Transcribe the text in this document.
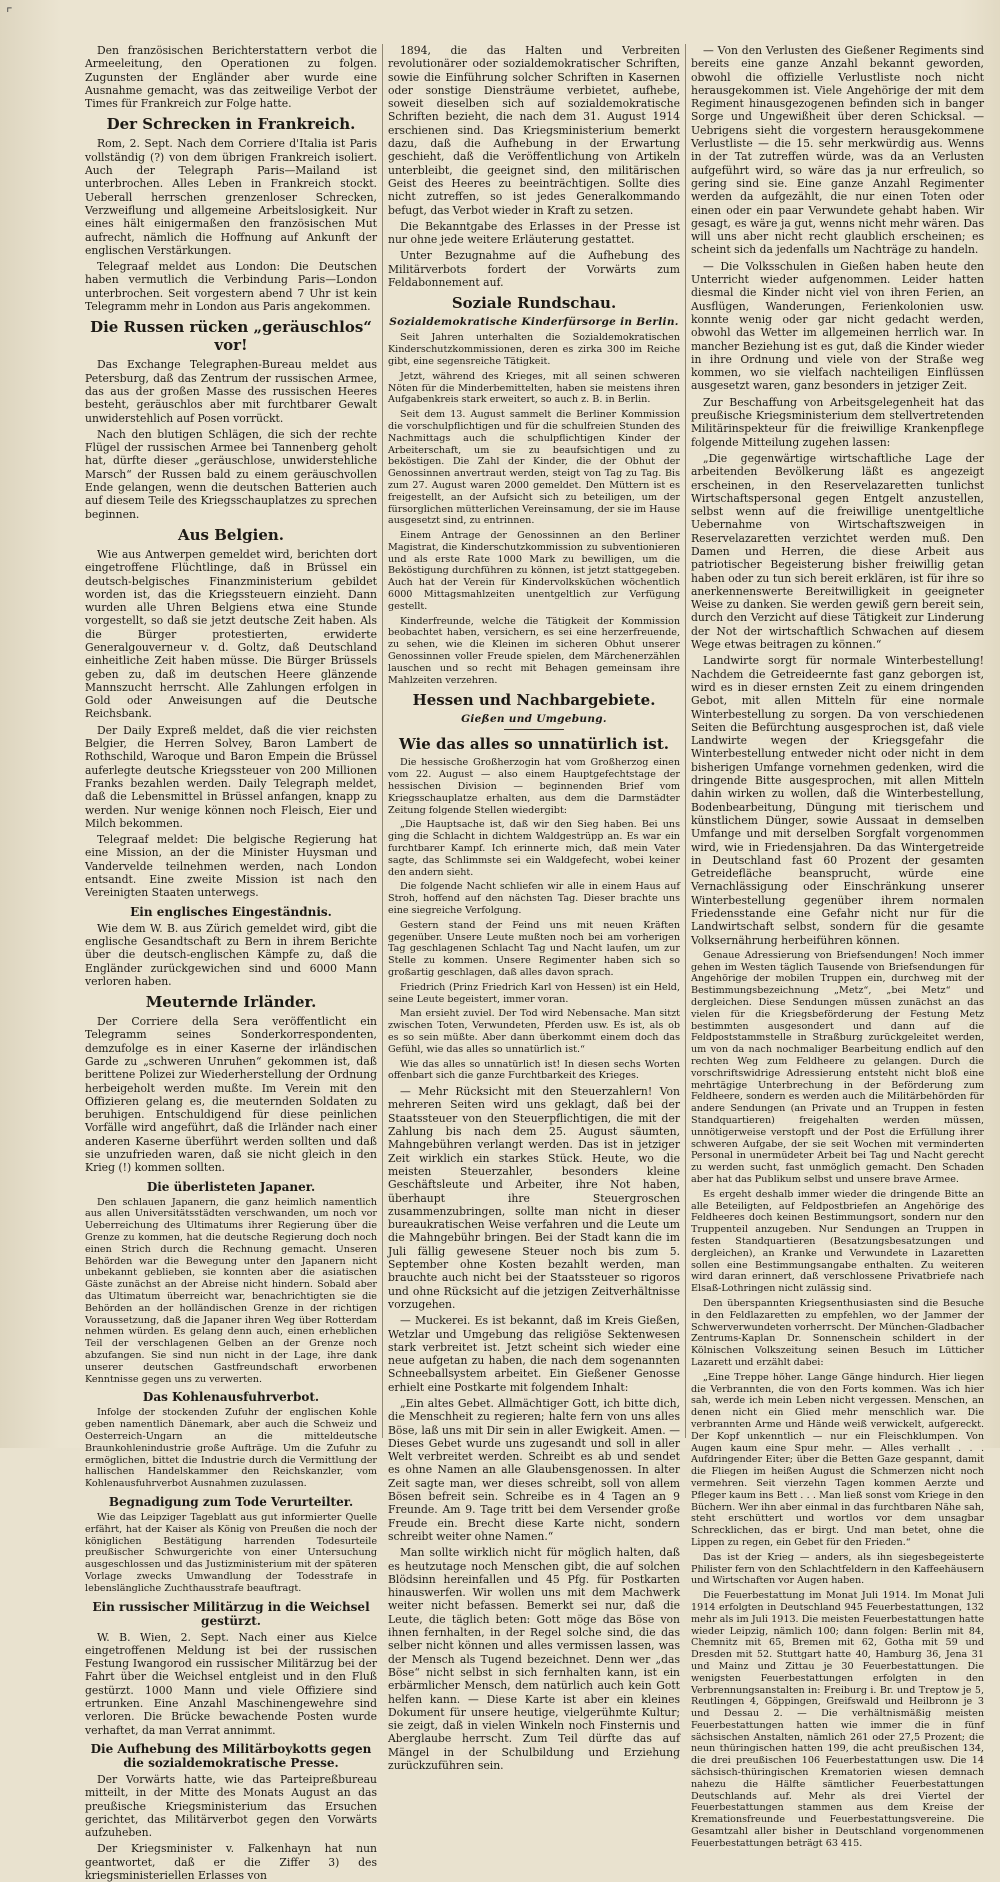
⌜

Den französischen Berichterstattern verbot die Armeeleitung, den Operationen zu folgen. Zugunsten der Engländer aber wurde eine Ausnahme gemacht, was das zeitweilige Verbot der Times für Frankreich zur Folge hatte.

Der Schrecken in Frankreich.

Rom, 2. Sept. Nach dem Corriere d'Italia ist Paris vollständig (?) von dem übrigen Frankreich isoliert. Auch der Telegraph Paris—Mailand ist unterbrochen. Alles Leben in Frankreich stockt. Ueberall herrschen grenzenloser Schrecken, Verzweiflung und allgemeine Arbeitslosigkeit. Nur eines hält einigermaßen den französischen Mut aufrecht, nämlich die Hoffnung auf Ankunft der englischen Verstärkungen.

Telegraaf meldet aus London: Die Deutschen haben vermutlich die Verbindung Paris—London unterbrochen. Seit vorgestern abend 7 Uhr ist kein Telegramm mehr in London aus Paris angekommen.

Die Russen rücken „geräuschlos“ vor!

Das Exchange Telegraphen-Bureau meldet aus Petersburg, daß das Zentrum der russischen Armee, das aus der großen Masse des russischen Heeres besteht, geräuschlos aber mit furchtbarer Gewalt unwiderstehlich auf Posen vorrückt.

Nach den blutigen Schlägen, die sich der rechte Flügel der russischen Armee bei Tannenberg geholt hat, dürfte dieser „geräuschlose, unwiderstehliche Marsch“ der Russen bald zu einem geräuschvollen Ende gelangen, wenn die deutschen Batterien auch auf diesem Teile des Kriegsschauplatzes zu sprechen beginnen.

Aus Belgien.

Wie aus Antwerpen gemeldet wird, berichten dort eingetroffene Flüchtlinge, daß in Brüssel ein deutsch-belgisches Finanzministerium gebildet worden ist, das die Kriegssteuern einzieht. Dann wurden alle Uhren Belgiens etwa eine Stunde vorgestellt, so daß sie jetzt deutsche Zeit haben. Als die Bürger protestierten, erwiderte Generalgouverneur v. d. Goltz, daß Deutschland einheitliche Zeit haben müsse. Die Bürger Brüssels geben zu, daß im deutschen Heere glänzende Mannszucht herrscht. Alle Zahlungen erfolgen in Gold oder Anweisungen auf die Deutsche Reichsbank.

Der Daily Expreß meldet, daß die vier reichsten Belgier, die Herren Solvey, Baron Lambert de Rothschild, Waroque und Baron Empein die Brüssel auferlegte deutsche Kriegssteuer von 200 Millionen Franks bezahlen werden. Daily Telegraph meldet, daß die Lebensmittel in Brüssel anfangen, knapp zu werden. Nur wenige können noch Fleisch, Eier und Milch bekommen.

Telegraaf meldet: Die belgische Regierung hat eine Mission, an der die Minister Huysman und Vandervelde teilnehmen werden, nach London entsandt. Eine zweite Mission ist nach den Vereinigten Staaten unterwegs.

Ein englisches Eingeständnis.

Wie dem W. B. aus Zürich gemeldet wird, gibt die englische Gesandtschaft zu Bern in ihrem Berichte über die deutsch-englischen Kämpfe zu, daß die Engländer zurückgewichen sind und 6000 Mann verloren haben.

Meuternde Irländer.

Der Corriere della Sera veröffentlicht ein Telegramm seines Sonderkorrespondenten, demzufolge es in einer Kaserne der irländischen Garde zu „schweren Unruhen“ gekommen ist, daß berittene Polizei zur Wiederherstellung der Ordnung herbeigeholt werden mußte. Im Verein mit den Offizieren gelang es, die meuternden Soldaten zu beruhigen. Entschuldigend für diese peinlichen Vorfälle wird angeführt, daß die Irländer nach einer anderen Kaserne überführt werden sollten und daß sie unzufrieden waren, daß sie nicht gleich in den Krieg (!) kommen sollten.

Die überlisteten Japaner.

Den schlauen Japanern, die ganz heimlich namentlich aus allen Universitätsstädten verschwanden, um noch vor Ueberreichung des Ultimatums ihrer Regierung über die Grenze zu kommen, hat die deutsche Regierung doch noch einen Strich durch die Rechnung gemacht. Unseren Behörden war die Bewegung unter den Japanern nicht unbekannt geblieben, sie konnten aber die asiatischen Gäste zunächst an der Abreise nicht hindern. Sobald aber das Ultimatum überreicht war, benachrichtigten sie die Behörden an der holländischen Grenze in der richtigen Voraussetzung, daß die Japaner ihren Weg über Rotterdam nehmen würden. Es gelang denn auch, einen erheblichen Teil der verschlagenen Gelben an der Grenze noch abzufangen. Sie sind nun nicht in der Lage, ihre dank unserer deutschen Gastfreundschaft erworbenen Kenntnisse gegen uns zu verwerten.

Das Kohlenausfuhrverbot.

Infolge der stockenden Zufuhr der englischen Kohle geben namentlich Dänemark, aber auch die Schweiz und Oesterreich-Ungarn an die mitteldeutsche Braunkohlenindustrie große Aufträge. Um die Zufuhr zu ermöglichen, bittet die Industrie durch die Vermittlung der hallischen Handelskammer den Reichskanzler, vom Kohlenausfuhrverbot Ausnahmen zuzulassen.

Begnadigung zum Tode Verurteilter.

Wie das Leipziger Tageblatt aus gut informierter Quelle erfährt, hat der Kaiser als König von Preußen die noch der königlichen Bestätigung harrenden Todesurteile preußischer Schwurgerichte von einer Untersuchung ausgeschlossen und das Justizministerium mit der späteren Vorlage zwecks Umwandlung der Todesstrafe in lebenslängliche Zuchthausstrafe beauftragt.

Ein russischer Militärzug in die Weichsel gestürzt.

W. B. Wien, 2. Sept. Nach einer aus Kielce eingetroffenen Meldung ist bei der russischen Festung Iwangorod ein russischer Militärzug bei der Fahrt über die Weichsel entgleist und in den Fluß gestürzt. 1000 Mann und viele Offiziere sind ertrunken. Eine Anzahl Maschinengewehre sind verloren. Die Brücke bewachende Posten wurde verhaftet, da man Verrat annimmt.

Die Aufhebung des Militärboykotts gegen die sozialdemokratische Presse.

Der Vorwärts hatte, wie das Parteipreßbureau mitteilt, in der Mitte des Monats August an das preußische Kriegsministerium das Ersuchen gerichtet, das Militärverbot gegen den Vorwärts aufzuheben.

Der Kriegsminister v. Falkenhayn hat nun geantwortet, daß er die Ziffer 3) des kriegsministeriellen Erlasses von

1894, die das Halten und Verbreiten revolutionärer oder sozialdemokratischer Schriften, sowie die Einführung solcher Schriften in Kasernen oder sonstige Diensträume verbietet, aufhebe, soweit dieselben sich auf sozialdemokratische Schriften bezieht, die nach dem 31. August 1914 erschienen sind. Das Kriegsministerium bemerkt dazu, daß die Aufhebung in der Erwartung geschieht, daß die Veröffentlichung von Artikeln unterbleibt, die geeignet sind, den militärischen Geist des Heeres zu beeinträchtigen. Sollte dies nicht zutreffen, so ist jedes Generalkommando befugt, das Verbot wieder in Kraft zu setzen.

Die Bekanntgabe des Erlasses in der Presse ist nur ohne jede weitere Erläuterung gestattet.

Unter Bezugnahme auf die Aufhebung des Militärverbots fordert der Vorwärts zum Feldabonnement auf.

Soziale Rundschau.
Sozialdemokratische Kinderfürsorge in Berlin.

Seit Jahren unterhalten die Sozialdemokratischen Kinderschutzkommissionen, deren es zirka 300 im Reiche gibt, eine segensreiche Tätigkeit.

Jetzt, während des Krieges, mit all seinen schweren Nöten für die Minderbemittelten, haben sie meistens ihren Aufgabenkreis stark erweitert, so auch z. B. in Berlin.

Seit dem 13. August sammelt die Berliner Kommission die vorschulpflichtigen und für die schulfreien Stunden des Nachmittags auch die schulpflichtigen Kinder der Arbeiterschaft, um sie zu beaufsichtigen und zu beköstigen. Die Zahl der Kinder, die der Obhut der Genossinnen anvertraut werden, steigt von Tag zu Tag. Bis zum 27. August waren 2000 gemeldet. Den Müttern ist es freigestellt, an der Aufsicht sich zu beteiligen, um der fürsorglichen mütterlichen Vereinsamung, der sie im Hause ausgesetzt sind, zu entrinnen.

Einem Antrage der Genossinnen an den Berliner Magistrat, die Kinderschutzkommission zu subventionieren und als erste Rate 1000 Mark zu bewilligen, um die Beköstigung durchführen zu können, ist jetzt stattgegeben. Auch hat der Verein für Kindervolksküchen wöchentlich 6000 Mittagsmahlzeiten unentgeltlich zur Verfügung gestellt.

Kinderfreunde, welche die Tätigkeit der Kommission beobachtet haben, versichern, es sei eine herzerfreuende, zu sehen, wie die Kleinen im sicheren Obhut unserer Genossinnen voller Freude spielen, dem Märchenerzählen lauschen und so recht mit Behagen gemeinsam ihre Mahlzeiten verzehren.

Hessen und Nachbargebiete.
Gießen und Umgebung.
Wie das alles so unnatürlich ist.

Die hessische Großherzogin hat vom Großherzog einen vom 22. August — also einem Hauptgefechtstage der hessischen Division — beginnenden Brief vom Kriegsschauplatze erhalten, aus dem die Darmstädter Zeitung folgende Stellen wiedergibt:

„Die Hauptsache ist, daß wir den Sieg haben. Bei uns ging die Schlacht in dichtem Waldgestrüpp an. Es war ein furchtbarer Kampf. Ich erinnerte mich, daß mein Vater sagte, das Schlimmste sei ein Waldgefecht, wobei keiner den andern sieht.

Die folgende Nacht schliefen wir alle in einem Haus auf Stroh, hoffend auf den nächsten Tag. Dieser brachte uns eine siegreiche Verfolgung.

Gestern stand der Feind uns mit neuen Kräften gegenüber. Unsere Leute mußten noch bei am vorherigen Tag geschlagenen Schlacht Tag und Nacht laufen, um zur Stelle zu kommen. Unsere Regimenter haben sich so großartig geschlagen, daß alles davon sprach.

Friedrich (Prinz Friedrich Karl von Hessen) ist ein Held, seine Leute begeistert, immer voran.

Man ersieht zuviel. Der Tod wird Nebensache. Man sitzt zwischen Toten, Verwundeten, Pferden usw. Es ist, als ob es so sein müßte. Aber dann überkommt einem doch das Gefühl, wie das alles so unnatürlich ist.“

Wie das alles so unnatürlich ist! In diesen sechs Worten offenbart sich die ganze Furchtbarkeit des Krieges.

— Mehr Rücksicht mit den Steuerzahlern! Von mehreren Seiten wird uns geklagt, daß bei der Staatssteuer von den Steuerpflichtigen, die mit der Zahlung bis nach dem 25. August säumten, Mahngebühren verlangt werden. Das ist in jetziger Zeit wirklich ein starkes Stück. Heute, wo die meisten Steuerzahler, besonders kleine Geschäftsleute und Arbeiter, ihre Not haben, überhaupt ihre Steuergroschen zusammenzubringen, sollte man nicht in dieser bureaukratischen Weise verfahren und die Leute um die Mahngebühr bringen. Bei der Stadt kann die im Juli fällig gewesene Steuer noch bis zum 5. September ohne Kosten bezahlt werden, man brauchte auch nicht bei der Staatssteuer so rigoros und ohne Rücksicht auf die jetzigen Zeitverhältnisse vorzugehen.

— Muckerei. Es ist bekannt, daß im Kreis Gießen, Wetzlar und Umgebung das religiöse Sektenwesen stark verbreitet ist. Jetzt scheint sich wieder eine neue aufgetan zu haben, die nach dem sogenannten Schneeballsystem arbeitet. Ein Gießener Genosse erhielt eine Postkarte mit folgendem Inhalt:

„Ein altes Gebet. Allmächtiger Gott, ich bitte dich, die Menschheit zu regieren; halte fern von uns alles Böse, laß uns mit Dir sein in aller Ewigkeit. Amen. — Dieses Gebet wurde uns zugesandt und soll in aller Welt verbreitet werden. Schreibt es ab und sendet es ohne Namen an alle Glaubensgenossen. In alter Zeit sagte man, wer dieses schreibt, soll von allem Bösen befreit sein. Schreibe es in 4 Tagen an 9 Freunde. Am 9. Tage tritt bei dem Versender große Freude ein. Brecht diese Karte nicht, sondern schreibt weiter ohne Namen.“

Man sollte wirklich nicht für möglich halten, daß es heutzutage noch Menschen gibt, die auf solchen Blödsinn hereinfallen und 45 Pfg. für Postkarten hinauswerfen. Wir wollen uns mit dem Machwerk weiter nicht befassen. Bemerkt sei nur, daß die Leute, die täglich beten: Gott möge das Böse von ihnen fernhalten, in der Regel solche sind, die das selber nicht können und alles vermissen lassen, was der Mensch als Tugend bezeichnet. Denn wer „das Böse“ nicht selbst in sich fernhalten kann, ist ein erbärmlicher Mensch, dem natürlich auch kein Gott helfen kann. — Diese Karte ist aber ein kleines Dokument für unsere heutige, vielgerühmte Kultur; sie zeigt, daß in vielen Winkeln noch Finsternis und Aberglaube herrscht. Zum Teil dürfte das auf Mängel in der Schulbildung und Erziehung zurückzuführen sein.

— Von den Verlusten des Gießener Regiments sind bereits eine ganze Anzahl bekannt geworden, obwohl die offizielle Verlustliste noch nicht herausgekommen ist. Viele Angehörige der mit dem Regiment hinausgezogenen befinden sich in banger Sorge und Ungewißheit über deren Schicksal. — Uebrigens sieht die vorgestern herausgekommene Verlustliste — die 15. sehr merkwürdig aus. Wenns in der Tat zutreffen würde, was da an Verlusten aufgeführt wird, so wäre das ja nur erfreulich, so gering sind sie. Eine ganze Anzahl Regimenter werden da aufgezählt, die nur einen Toten oder einen oder ein paar Verwundete gehabt haben. Wir gesagt, es wäre ja gut, wenns nicht mehr wären. Das will uns aber nicht recht glaublich erscheinen; es scheint sich da jedenfalls um Nachträge zu handeln.

— Die Volksschulen in Gießen haben heute den Unterricht wieder aufgenommen. Leider hatten diesmal die Kinder nicht viel von ihren Ferien, an Ausflügen, Wanderungen, Ferienkolonien usw. konnte wenig oder gar nicht gedacht werden, obwohl das Wetter im allgemeinen herrlich war. In mancher Beziehung ist es gut, daß die Kinder wieder in ihre Ordnung und viele von der Straße weg kommen, wo sie vielfach nachteiligen Einflüssen ausgesetzt waren, ganz besonders in jetziger Zeit.

Zur Beschaffung von Arbeitsgelegenheit hat das preußische Kriegsministerium dem stellvertretenden Militärinspekteur für die freiwillige Krankenpflege folgende Mitteilung zugehen lassen:

„Die gegenwärtige wirtschaftliche Lage der arbeitenden Bevölkerung läßt es angezeigt erscheinen, in den Reservelazaretten tunlichst Wirtschaftspersonal gegen Entgelt anzustellen, selbst wenn auf die freiwillige unentgeltliche Uebernahme von Wirtschaftszweigen in Reservelazaretten verzichtet werden muß. Den Damen und Herren, die diese Arbeit aus patriotischer Begeisterung bisher freiwillig getan haben oder zu tun sich bereit erklären, ist für ihre so anerkennenswerte Bereitwilligkeit in geeigneter Weise zu danken. Sie werden gewiß gern bereit sein, durch den Verzicht auf diese Tätigkeit zur Linderung der Not der wirtschaftlich Schwachen auf diesem Wege etwas beitragen zu können.“

Landwirte sorgt für normale Winterbestellung! Nachdem die Getreideernte fast ganz geborgen ist, wird es in dieser ernsten Zeit zu einem dringenden Gebot, mit allen Mitteln für eine normale Winterbestellung zu sorgen. Da von verschiedenen Seiten die Befürchtung ausgesprochen ist, daß viele Landwirte wegen der Kriegsgefahr die Winterbestellung entweder nicht oder nicht in dem bisherigen Umfange vornehmen gedenken, wird die dringende Bitte ausgesprochen, mit allen Mitteln dahin wirken zu wollen, daß die Winterbestellung, Bodenbearbeitung, Düngung mit tierischem und künstlichem Dünger, sowie Aussaat in demselben Umfange und mit derselben Sorgfalt vorgenommen wird, wie in Friedensjahren. Da das Wintergetreide in Deutschland fast 60 Prozent der gesamten Getreidefläche beansprucht, würde eine Vernachlässigung oder Einschränkung unserer Winterbestellung gegenüber ihrem normalen Friedensstande eine Gefahr nicht nur für die Landwirtschaft selbst, sondern für die gesamte Volksernährung herbeiführen können.

Genaue Adressierung von Briefsendungen! Noch immer gehen im Westen täglich Tausende von Briefsendungen für Angehörige der mobilen Truppen ein, durchweg mit der Bestimmungsbezeichnung „Metz“, „bei Metz“ und dergleichen. Diese Sendungen müssen zunächst an das vielen für die Kriegsbeförderung der Festung Metz bestimmten ausgesondert und dann auf die Feldpoststammstelle in Straßburg zurückgeleitet werden, um von da nach nochmaliger Bearbeitung endlich auf den rechten Weg zum Feldheere zu gelangen. Durch die vorschriftswidrige Adressierung entsteht nicht bloß eine mehrtägige Unterbrechung in der Beförderung zum Feldheere, sondern es werden auch die Militärbehörden für andere Sendungen (an Private und an Truppen in festen Standquartieren) freigehalten werden müssen, unnötigerweise verstopft und der Post die Erfüllung ihrer schweren Aufgabe, der sie seit Wochen mit verminderten Personal in unermüdeter Arbeit bei Tag und Nacht gerecht zu werden sucht, fast unmöglich gemacht. Den Schaden aber hat das Publikum selbst und unsere brave Armee.

Es ergeht deshalb immer wieder die dringende Bitte an alle Beteiligten, auf Feldpostbriefen an Angehörige des Feldheeres doch keinen Bestimmungsort, sondern nur den Truppenteil anzugeben. Nur Sendungen an Truppen in festen Standquartieren (Besatzungsbesatzungen und dergleichen), an Kranke und Verwundete in Lazaretten sollen eine Bestimmungsangabe enthalten. Zu weiteren wird daran erinnert, daß verschlossene Privatbriefe nach Elsaß-Lothringen nicht zulässig sind.

Den überspannten Kriegsenthusiasten sind die Besuche in den Feldlazaretten zu empfehlen, wo der Jammer der Schwerverwundeten vorherrscht. Der München-Gladbacher Zentrums-Kaplan Dr. Sonnenschein schildert in der Kölnischen Volkszeitung seinen Besuch im Lütticher Lazarett und erzählt dabei:

„Eine Treppe höher. Lange Gänge hindurch. Hier liegen die Verbrannten, die von den Forts kommen. Was ich hier sah, werde ich mein Leben nicht vergessen. Menschen, an denen nicht ein Glied mehr menschlich war. Die verbrannten Arme und Hände weiß verwickelt, aufgereckt. Der Kopf unkenntlich — nur ein Fleischklumpen. Von Augen kaum eine Spur mehr. — Alles verhallt . . . Aufdringender Eiter; über die Betten Gaze gespannt, damit die Fliegen im heißen August die Schmerzen nicht noch vermehren. Seit vierzehn Tagen kommen Aerzte und Pfleger kaum ins Bett . . . Man ließ sonst vom Kriege in den Büchern. Wer ihn aber einmal in das furchtbaren Nähe sah, steht erschüttert und wortlos vor dem unsagbar Schrecklichen, das er birgt. Und man betet, ohne die Lippen zu regen, ein Gebet für den Frieden.“

Das ist der Krieg — anders, als ihn siegesbegeisterte Philister fern von den Schlachtfeldern in den Kaffeehäusern und Wirtschaften vor Augen haben.

Die Feuerbestattung im Monat Juli 1914. Im Monat Juli 1914 erfolgten in Deutschland 945 Feuerbestattungen, 132 mehr als im Juli 1913. Die meisten Feuerbestattungen hatte wieder Leipzig, nämlich 100; dann folgen: Berlin mit 84, Chemnitz mit 65, Bremen mit 62, Gotha mit 59 und Dresden mit 52. Stuttgart hatte 40, Hamburg 36, Jena 31 und Mainz und Zittau je 30 Feuerbestattungen. Die wenigsten Feuerbestattungen erfolgten in den Verbrennungsanstalten in: Freiburg i. Br. und Treptow je 5, Reutlingen 4, Göppingen, Greifswald und Heilbronn je 3 und Dessau 2. — Die verhältnismäßig meisten Feuerbestattungen hatten wie immer die in fünf sächsischen Anstalten, nämlich 261 oder 27,5 Prozent; die neun thüringischen hatten 199, die acht preußischen 134, die drei preußischen 106 Feuerbestattungen usw. Die 14 sächsisch-thüringischen Krematorien wiesen demnach nahezu die Hälfte sämtlicher Feuerbestattungen Deutschlands auf. Mehr als drei Viertel der Feuerbestattungen stammen aus dem Kreise der Kremationsfreunde und Feuerbestattungsvereine. Die Gesamtzahl aller bisher in Deutschland vorgenommenen Feuerbestattungen beträgt 63 415.
